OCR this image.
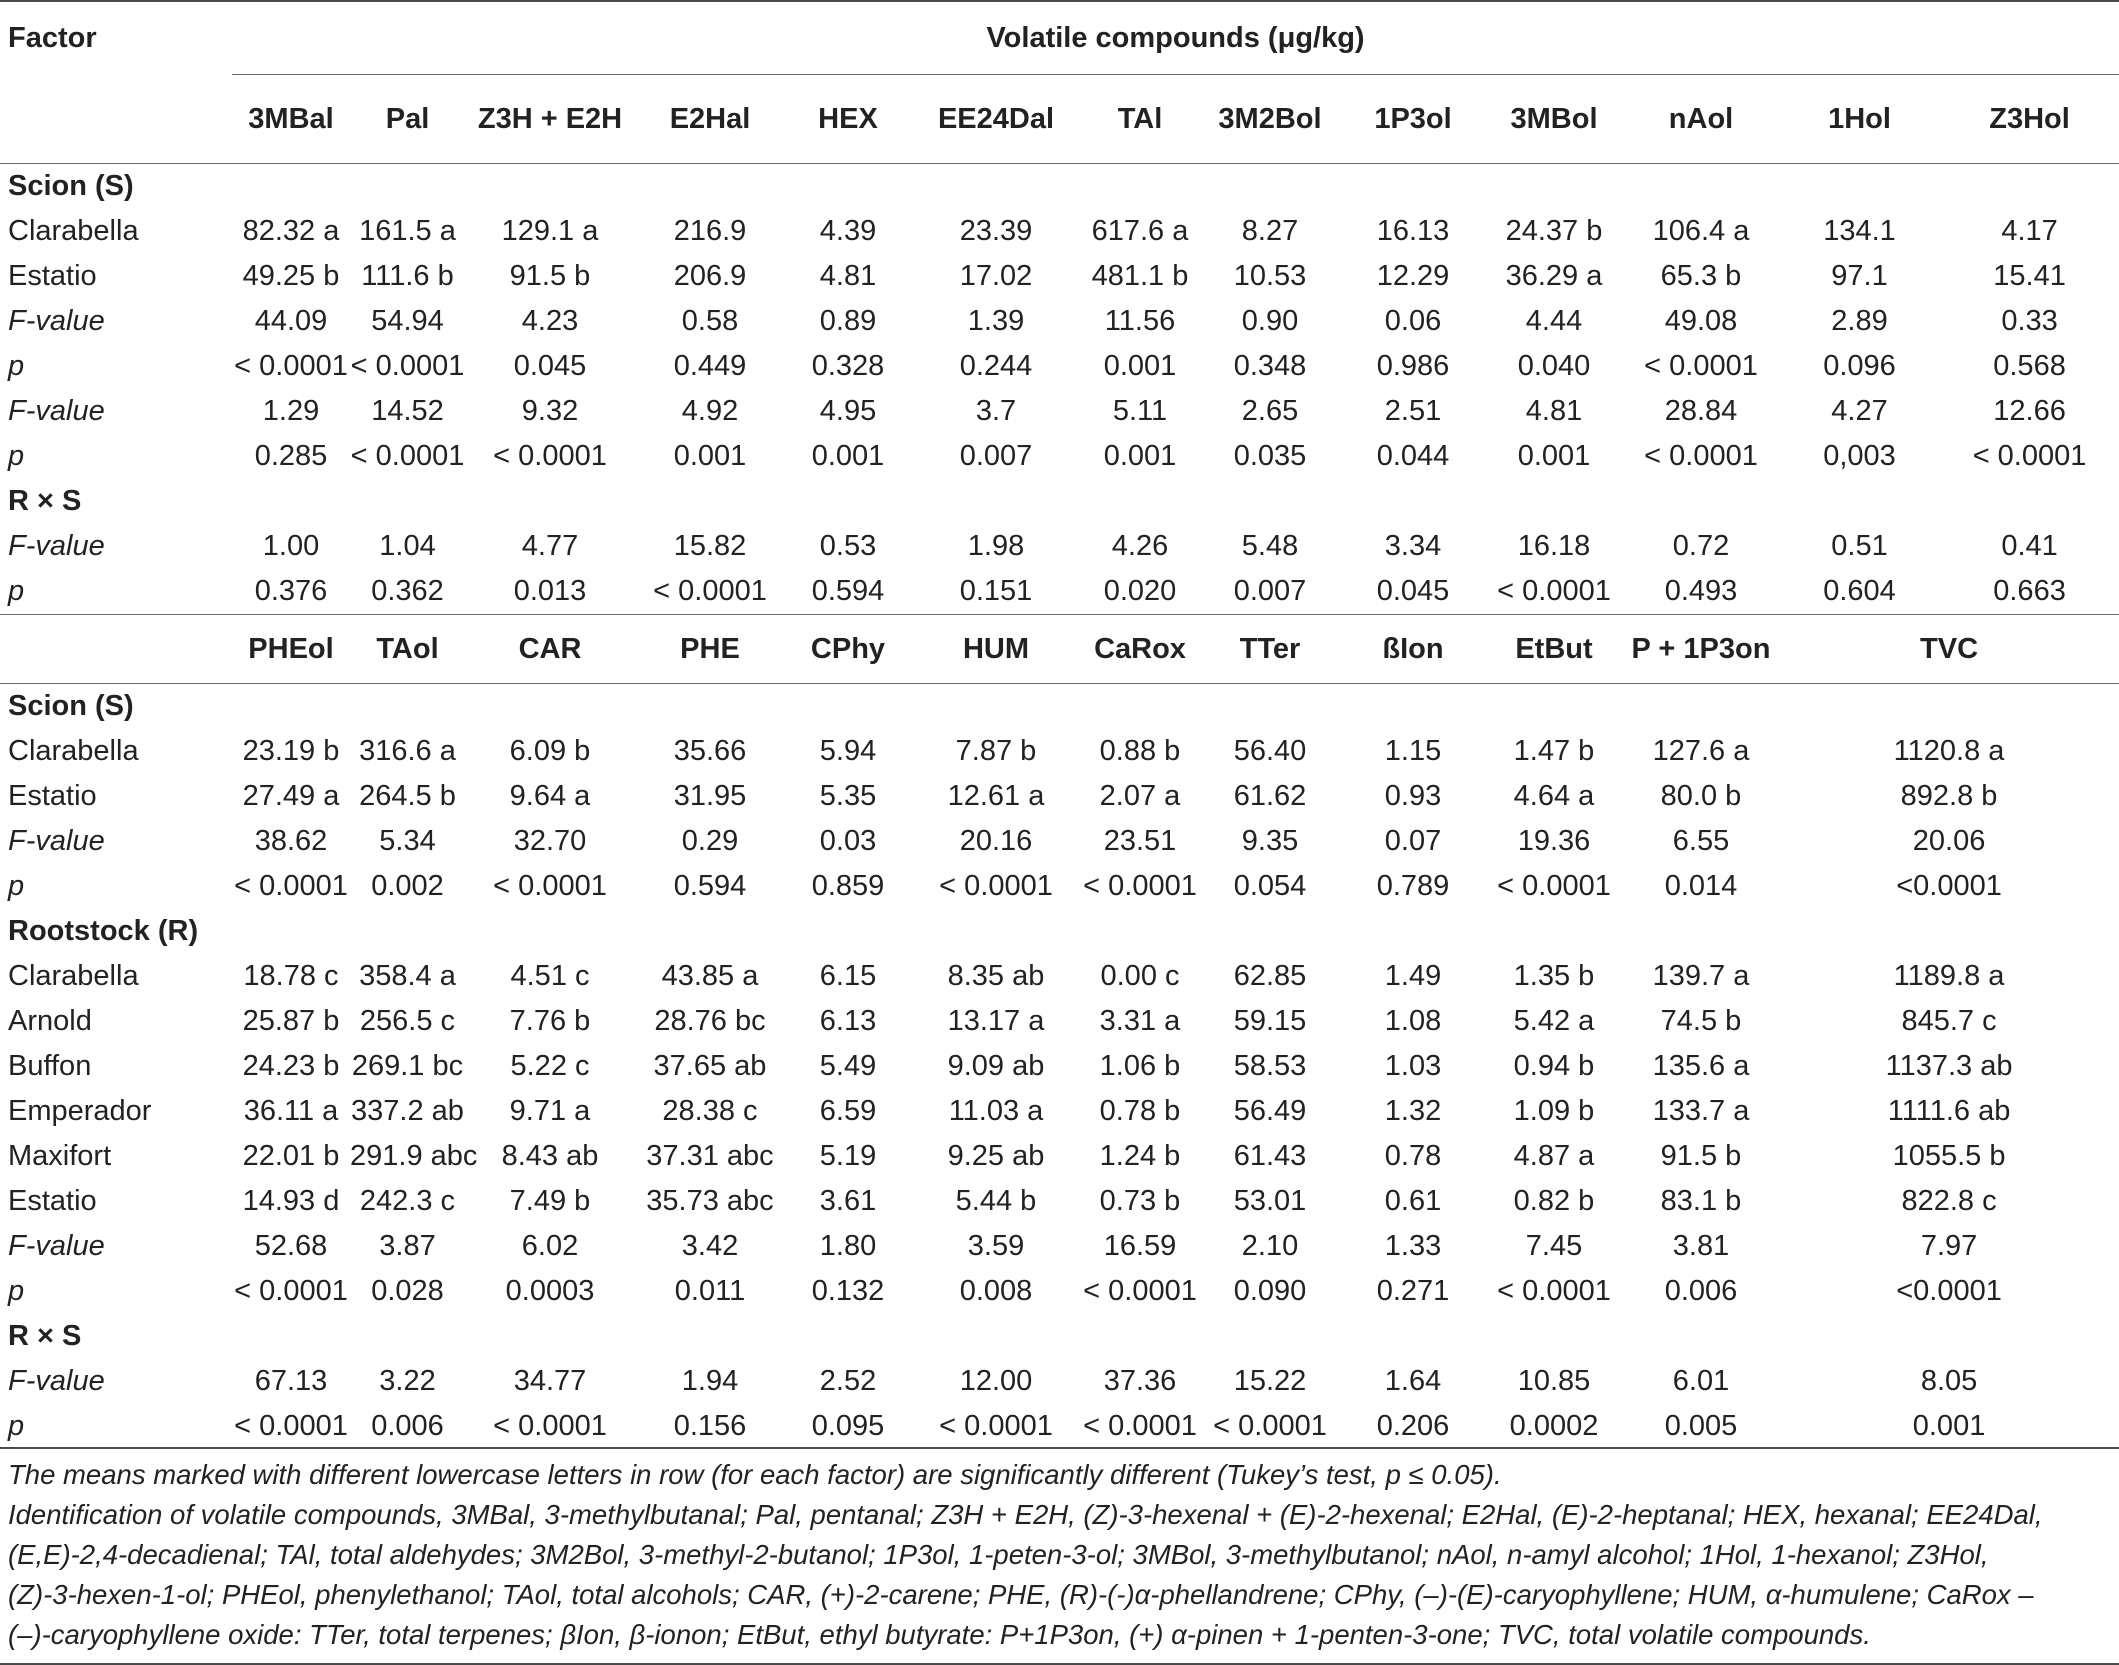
Factor	Volatile compounds (μg/kg)												
	3MBal	Pal	Z3H + E2H	E2Hal	HEX	EE24Dal	TAl	3M2Bol	1P3ol	3MBol	nAol	1Hol	Z3Hol
Scion (S)													
Clarabella	82.32 a	161.5 a	129.1 a	216.9	4.39	23.39	617.6 a	8.27	16.13	24.37 b	106.4 a	134.1	4.17
Estatio	49.25 b	111.6 b	91.5 b	206.9	4.81	17.02	481.1 b	10.53	12.29	36.29 a	65.3 b	97.1	15.41
F-value	44.09	54.94	4.23	0.58	0.89	1.39	11.56	0.90	0.06	4.44	49.08	2.89	0.33
p	< 0.0001	< 0.0001	0.045	0.449	0.328	0.244	0.001	0.348	0.986	0.040	< 0.0001	0.096	0.568
F-value	1.29	14.52	9.32	4.92	4.95	3.7	5.11	2.65	2.51	4.81	28.84	4.27	12.66
p	0.285	< 0.0001	< 0.0001	0.001	0.001	0.007	0.001	0.035	0.044	0.001	< 0.0001	0,003	< 0.0001
R × S													
F-value	1.00	1.04	4.77	15.82	0.53	1.98	4.26	5.48	3.34	16.18	0.72	0.51	0.41
p	0.376	0.362	0.013	< 0.0001	0.594	0.151	0.020	0.007	0.045	< 0.0001	0.493	0.604	0.663
	PHEol	TAol	CAR	PHE	CPhy	HUM	CaRox	TTer	ßIon	EtBut	P + 1P3on	TVC	
Scion (S)													
Clarabella	23.19 b	316.6 a	6.09 b	35.66	5.94	7.87 b	0.88 b	56.40	1.15	1.47 b	127.6 a	1120.8 a	
Estatio	27.49 a	264.5 b	9.64 a	31.95	5.35	12.61 a	2.07 a	61.62	0.93	4.64 a	80.0 b	892.8 b	
F-value	38.62	5.34	32.70	0.29	0.03	20.16	23.51	9.35	0.07	19.36	6.55	20.06	
p	< 0.0001	0.002	< 0.0001	0.594	0.859	< 0.0001	< 0.0001	0.054	0.789	< 0.0001	0.014	<0.0001	
Rootstock (R)													
Clarabella	18.78 c	358.4 a	4.51 c	43.85 a	6.15	8.35 ab	0.00 c	62.85	1.49	1.35 b	139.7 a	1189.8 a	
Arnold	25.87 b	256.5 c	7.76 b	28.76 bc	6.13	13.17 a	3.31 a	59.15	1.08	5.42 a	74.5 b	845.7 c	
Buffon	24.23 b	269.1 bc	5.22 c	37.65 ab	5.49	9.09 ab	1.06 b	58.53	1.03	0.94 b	135.6 a	1137.3 ab	
Emperador	36.11 a	337.2 ab	9.71 a	28.38 c	6.59	11.03 a	0.78 b	56.49	1.32	1.09 b	133.7 a	1111.6 ab	
Maxifort	22.01 b	291.9 abc	8.43 ab	37.31 abc	5.19	9.25 ab	1.24 b	61.43	0.78	4.87 a	91.5 b	1055.5 b	
Estatio	14.93 d	242.3 c	7.49 b	35.73 abc	3.61	5.44 b	0.73 b	53.01	0.61	0.82 b	83.1 b	822.8 c	
F-value	52.68	3.87	6.02	3.42	1.80	3.59	16.59	2.10	1.33	7.45	3.81	7.97	
p	< 0.0001	0.028	0.0003	0.011	0.132	0.008	< 0.0001	0.090	0.271	< 0.0001	0.006	<0.0001	
R × S													
F-value	67.13	3.22	34.77	1.94	2.52	12.00	37.36	15.22	1.64	10.85	6.01	8.05	
p	< 0.0001	0.006	< 0.0001	0.156	0.095	< 0.0001	< 0.0001	< 0.0001	0.206	0.0002	0.005	0.001	
The means marked with different lowercase letters in row (for each factor) are significantly different (Tukey’s test, p ≤ 0.05).
Identification of volatile compounds, 3MBal, 3-methylbutanal; Pal, pentanal; Z3H + E2H, (Z)-3-hexenal + (E)-2-hexenal; E2Hal, (E)-2-heptanal; HEX, hexanal; EE24Dal,
(E,E)-2,4-decadienal; TAl, total aldehydes; 3M2Bol, 3-methyl-2-butanol; 1P3ol, 1-peten-3-ol; 3MBol, 3-methylbutanol; nAol, n-amyl alcohol; 1Hol, 1-hexanol; Z3Hol,
(Z)-3-hexen-1-ol; PHEol, phenylethanol; TAol, total alcohols; CAR, (+)-2-carene; PHE, (R)-(-)α-phellandrene; CPhy, (–)-(E)-caryophyllene; HUM, α-humulene; CaRox –
(–)-caryophyllene oxide: TTer, total terpenes; βIon, β-ionon; EtBut, ethyl butyrate: P+1P3on, (+) α-pinen + 1-penten-3-one; TVC, total volatile compounds.
